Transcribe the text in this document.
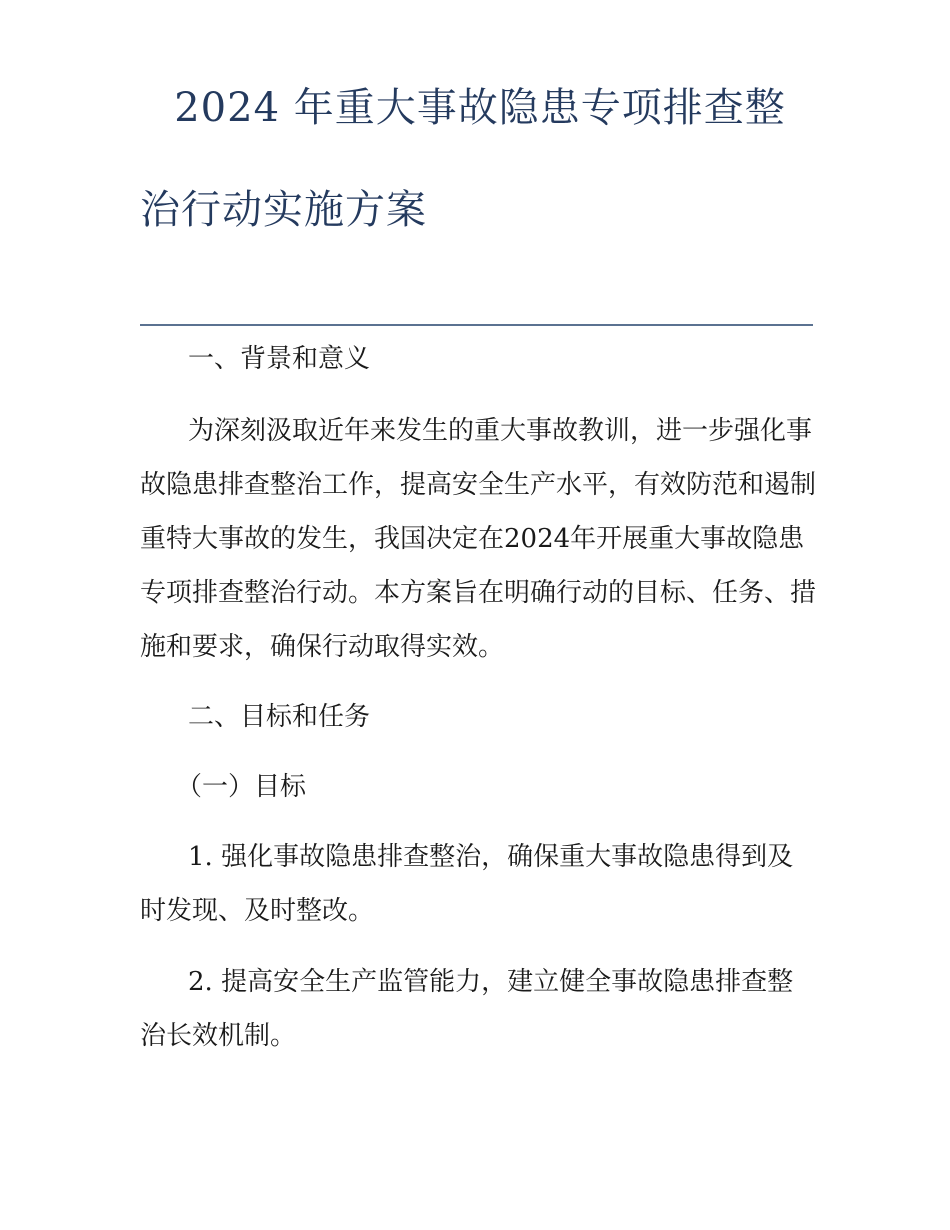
2024 年重大事故隐患专项排查整
治行动实施方案

一、背景和意义

为深刻汲取近年来发生的重大事故教训，进一步强化事故隐患排查整治工作，提高安全生产水平，有效防范和遏制重特大事故的发生，我国决定在2024年开展重大事故隐患专项排查整治行动。本方案旨在明确行动的目标、任务、措施和要求，确保行动取得实效。

二、目标和任务

（一）目标

1. 强化事故隐患排查整治，确保重大事故隐患得到及时发现、及时整改。

2. 提高安全生产监管能力，建立健全事故隐患排查整治长效机制。
